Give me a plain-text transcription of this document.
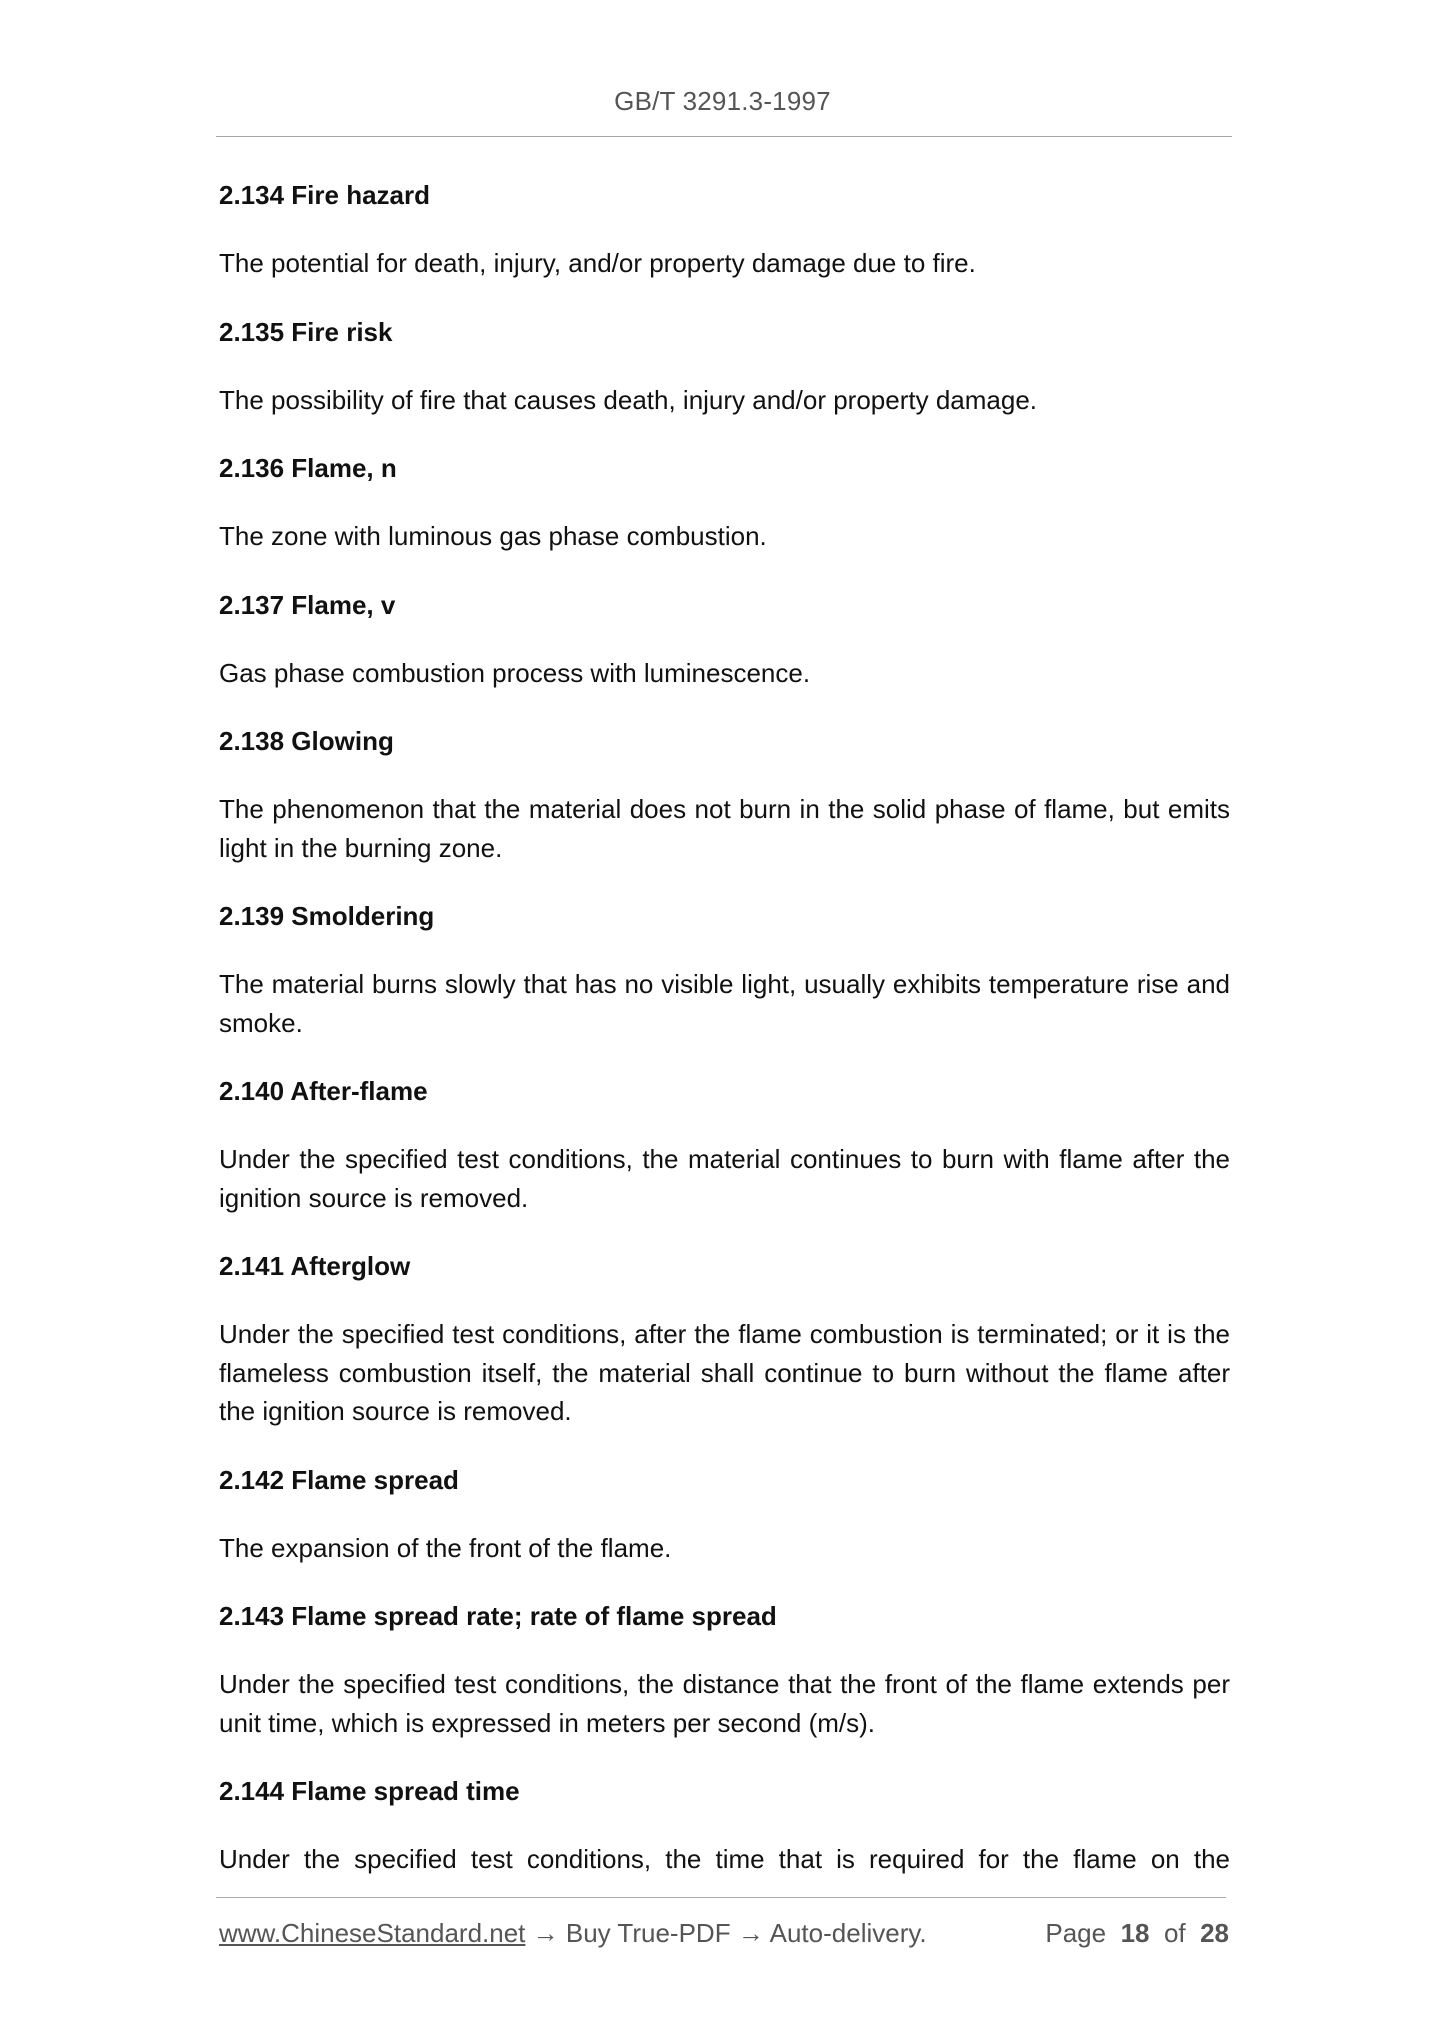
GB/T 3291.3-1997
2.134 Fire hazard
The potential for death, injury, and/or property damage due to fire.
2.135 Fire risk
The possibility of fire that causes death, injury and/or property damage.
2.136 Flame, n
The zone with luminous gas phase combustion.
2.137 Flame, v
Gas phase combustion process with luminescence.
2.138 Glowing
The phenomenon that the material does not burn in the solid phase of flame, but emits light in the burning zone.
2.139 Smoldering
The material burns slowly that has no visible light, usually exhibits temperature rise and smoke.
2.140 After-flame
Under the specified test conditions, the material continues to burn with flame after the ignition source is removed.
2.141 Afterglow
Under the specified test conditions, after the flame combustion is terminated; or it is the flameless combustion itself, the material shall continue to burn without the flame after the ignition source is removed.
2.142 Flame spread
The expansion of the front of the flame.
2.143 Flame spread rate; rate of flame spread
Under the specified test conditions, the distance that the front of the flame extends per unit time, which is expressed in meters per second (m/s).
2.144 Flame spread time
Under the specified test conditions, the time that is required for the flame on the
www.ChineseStandard.net → Buy True-PDF → Auto-delivery.	Page 18 of 28
